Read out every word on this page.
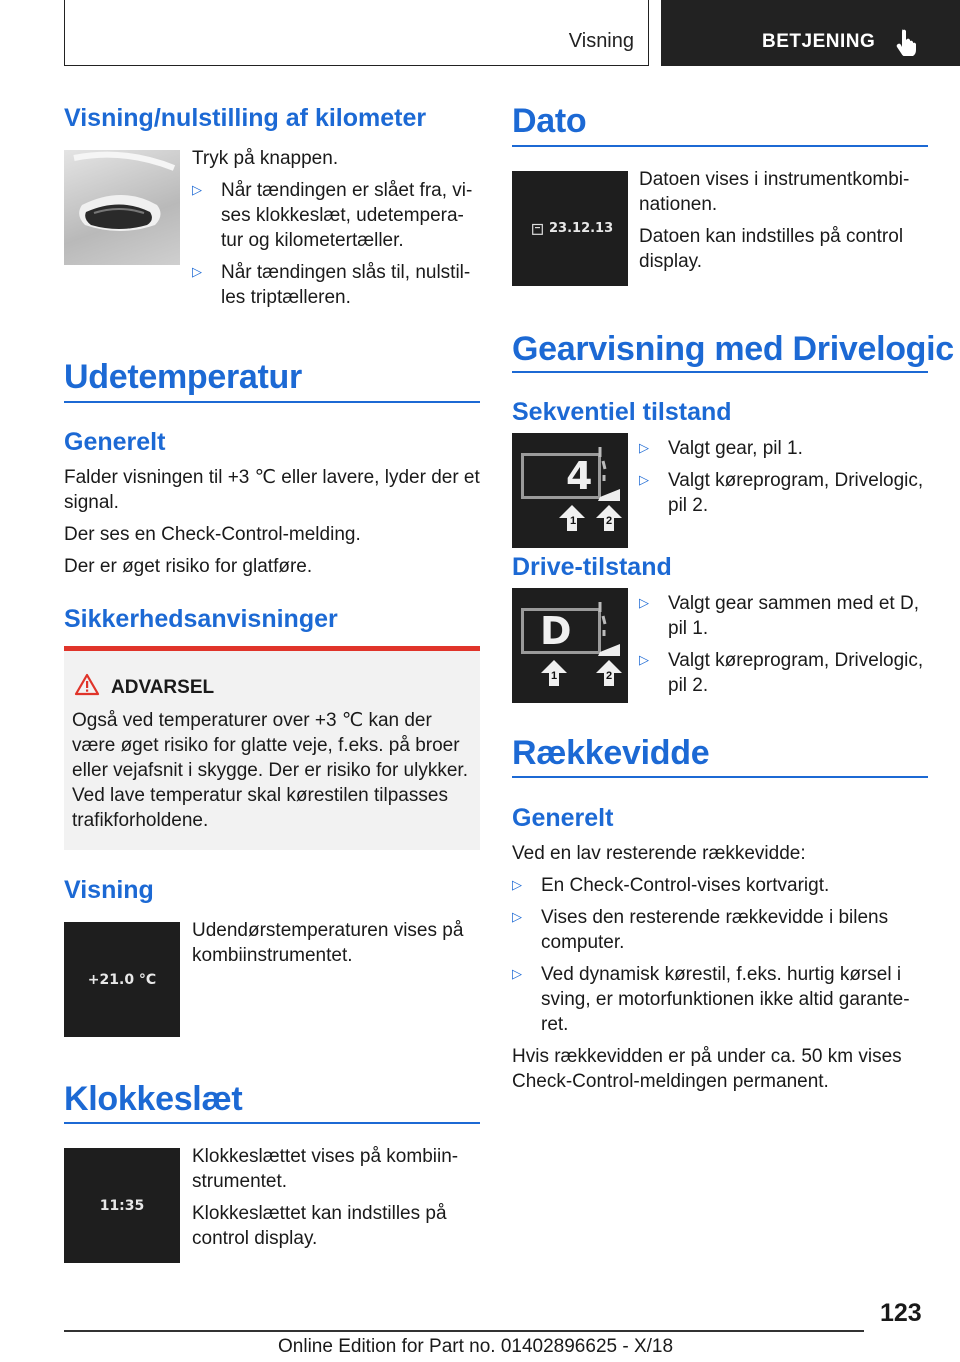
Visning	BETJENING
Visning/nulstilling af kilometer
Tryk på knappen.
▷ Når tændingen er slået fra, vi-
ses klokkeslæt, udetempera-
tur og kilometertæller.
▷ Når tændingen slås til, nulstil-
les triptælleren.
Udetemperatur
Generelt
Falder visningen til +3 ℃ eller lavere, lyder der et
signal.
Der ses en Check-Control-melding.
Der er øget risiko for glatføre.
Sikkerhedsanvisninger
ADVARSEL
Også ved temperaturer over +3 ℃ kan der
være øget risiko for glatte veje, f.eks. på broer
eller vejafsnit i skygge. Der er risiko for ulykker.
Ved lave temperatur skal kørestilen tilpasses
trafikforholdene.
Visning
+21.0 °C
Udendørstemperaturen vises på
kombiinstrumentet.
Klokkeslæt
11:35
Klokkeslættet vises på kombiin-
strumentet.
Klokkeslættet kan indstilles på
control display.
Dato
23.12.13
Datoen vises i instrumentkombi-
nationen.
Datoen kan indstilles på control
display.
Gearvisning med Drivelogic
Sekventiel tilstand
4
1	2
▷ Valgt gear, pil 1.
▷ Valgt køreprogram, Drivelogic,
pil 2.
Drive-tilstand
D
1	2
▷ Valgt gear sammen med et D,
pil 1.
▷ Valgt køreprogram, Drivelogic,
pil 2.
Rækkevidde
Generelt
Ved en lav resterende rækkevidde:
▷ En Check-Control-vises kortvarigt.
▷ Vises den resterende rækkevidde i bilens
computer.
▷ Ved dynamisk kørestil, f.eks. hurtig kørsel i
sving, er motorfunktionen ikke altid garante-
ret.
Hvis rækkevidden er på under ca. 50 km vises
Check-Control-meldingen permanent.
123
Online Edition for Part no. 01402896625 - X/18
